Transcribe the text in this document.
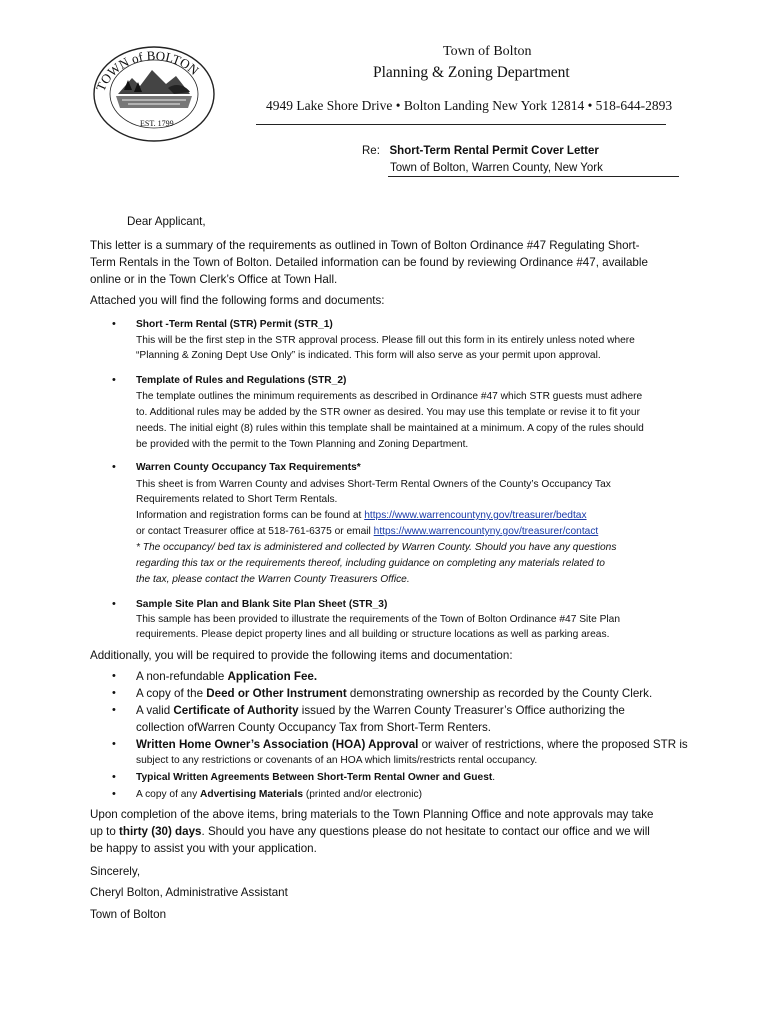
TOWN of BOLTON
EST. 1799
Town of Bolton
Planning & Zoning Department
4949 Lake Shore Drive • Bolton Landing New York 12814 • 518-644-2893
Re: Short-Term Rental Permit Cover Letter
Town of Bolton, Warren County, New York
Dear Applicant,
This letter is a summary of the requirements as outlined in Town of Bolton Ordinance #47 Regulating Short-
Term Rentals in the Town of Bolton. Detailed information can be found by reviewing Ordinance #47, available
online or in the Town Clerk’s Office at Town Hall.
Attached you will find the following forms and documents:
• Short -Term Rental (STR) Permit (STR_1)
This will be the first step in the STR approval process. Please fill out this form in its entirely unless noted where
“Planning & Zoning Dept Use Only” is indicated. This form will also serve as your permit upon approval.
• Template of Rules and Regulations (STR_2)
The template outlines the minimum requirements as described in Ordinance #47 which STR guests must adhere
to. Additional rules may be added by the STR owner as desired. You may use this template or revise it to fit your
needs. The initial eight (8) rules within this template shall be maintained at a minimum. A copy of the rules should
be provided with the permit to the Town Planning and Zoning Department.
• Warren County Occupancy Tax Requirements*
This sheet is from Warren County and advises Short-Term Rental Owners of the County’s Occupancy Tax
Requirements related to Short Term Rentals.
Information and registration forms can be found at https://www.warrencountyny.gov/treasurer/bedtax
or contact Treasurer office at 518-761-6375 or email https://www.warrencountyny.gov/treasurer/contact
* The occupancy/ bed tax is administered and collected by Warren County. Should you have any questions
regarding this tax or the requirements thereof, including guidance on completing any materials related to
the tax, please contact the Warren County Treasurers Office.
• Sample Site Plan and Blank Site Plan Sheet (STR_3)
This sample has been provided to illustrate the requirements of the Town of Bolton Ordinance #47 Site Plan
requirements. Please depict property lines and all building or structure locations as well as parking areas.
Additionally, you will be required to provide the following items and documentation:
• A non-refundable Application Fee.
• A copy of the Deed or Other Instrument demonstrating ownership as recorded by the County Clerk.
• A valid Certificate of Authority issued by the Warren County Treasurer’s Office authorizing the
collection ofWarren County Occupancy Tax from Short-Term Renters.
• Written Home Owner’s Association (HOA) Approval or waiver of restrictions, where the proposed STR is
subject to any restrictions or covenants of an HOA which limits/restricts rental occupancy.
• Typical Written Agreements Between Short-Term Rental Owner and Guest.
• A copy of any Advertising Materials (printed and/or electronic)
Upon completion of the above items, bring materials to the Town Planning Office and note approvals may take
up to thirty (30) days. Should you have any questions please do not hesitate to contact our office and we will
be happy to assist you with your application.
Sincerely,
Cheryl Bolton, Administrative Assistant
Town of Bolton
